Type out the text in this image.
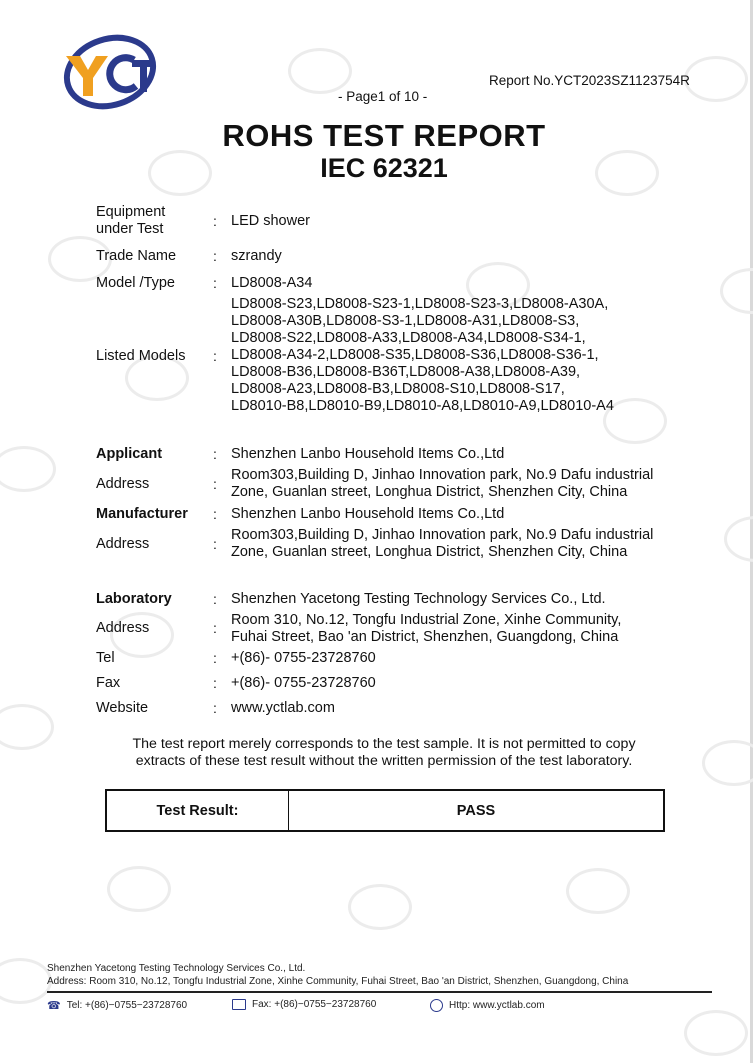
- Page1 of 10 -
Report No.YCT2023SZ1123754R
ROHS TEST REPORT
IEC 62321
Equipment
under Test	: LED shower
Trade Name	: szrandy
Model /Type	: LD8008-A34
Listed Models :
LD8008-S23,LD8008-S23-1,LD8008-S23-3,LD8008-A30A,
LD8008-A30B,LD8008-S3-1,LD8008-A31,LD8008-S3,
LD8008-S22,LD8008-A33,LD8008-A34,LD8008-S34-1,
LD8008-A34-2,LD8008-S35,LD8008-S36,LD8008-S36-1,
LD8008-B36,LD8008-B36T,LD8008-A38,LD8008-A39,
LD8008-A23,LD8008-B3,LD8008-S10,LD8008-S17,
LD8010-B8,LD8010-B9,LD8010-A8,LD8010-A9,LD8010-A4
Applicant	: Shenzhen Lanbo Household Items Co.,Ltd
Address	:
Room303,Building D, Jinhao Innovation park, No.9 Dafu industrial
Zone, Guanlan street, Longhua District, Shenzhen City, China
Manufacturer : Shenzhen Lanbo Household Items Co.,Ltd
Address	:
Room303,Building D, Jinhao Innovation park, No.9 Dafu industrial
Zone, Guanlan street, Longhua District, Shenzhen City, China
Laboratory	: Shenzhen Yacetong Testing Technology Services Co., Ltd.
Address	: Room 310, No.12, Tongfu Industrial Zone, Xinhe Community,
Fuhai Street, Bao 'an District, Shenzhen, Guangdong, China
Tel	: +(86)- 0755-23728760
Fax	: +(86)- 0755-23728760
Website	: www.yctlab.com
The test report merely corresponds to the test sample. It is not permitted to copy
extracts of these test result without the written permission of the test laboratory.
Test Result:	PASS
Shenzhen Yacetong Testing Technology Services Co., Ltd.
Address: Room 310, No.12, Tongfu Industrial Zone, Xinhe Community, Fuhai Street, Bao 'an District, Shenzhen, Guangdong, China
☎ Tel: +(86)−0755−23728760	Fax: +(86)−0755−23728760	Http: www.yctlab.com
